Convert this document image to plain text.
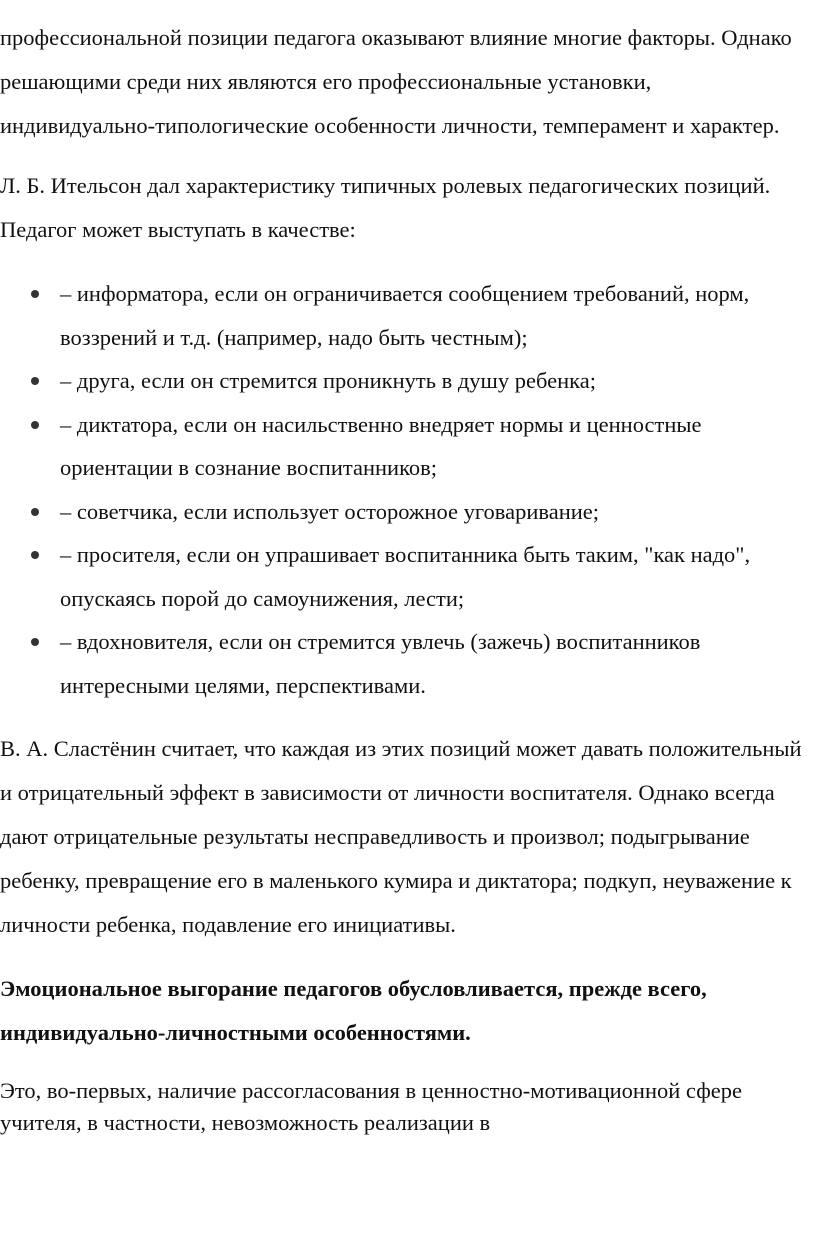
профессиональной позиции педагога оказывают влияние многие факторы. Однако решающими среди них являются его профессиональные установки, индивидуально-типологические особенности личности, темперамент и характер.

Л. Б. Ительсон дал характеристику типичных ролевых педагогических позиций. Педагог может выступать в качестве:

– информатора, если он ограничивается сообщением требований, норм, воззрений и т.д. (например, надо быть честным);
– друга, если он стремится проникнуть в душу ребенка;
– диктатора, если он насильственно внедряет нормы и ценностные ориентации в сознание воспитанников;
– советчика, если использует осторожное уговаривание;
– просителя, если он упрашивает воспитанника быть таким, "как надо", опускаясь порой до самоунижения, лести;
– вдохновителя, если он стремится увлечь (зажечь) воспитанников интересными целями, перспективами.

В. А. Сластёнин считает, что каждая из этих позиций может давать положительный и отрицательный эффект в зависимости от личности воспитателя. Однако всегда дают отрицательные результаты несправедливость и произвол; подыгрывание ребенку, превращение его в маленького кумира и диктатора; подкуп, неуважение к личности ребенка, подавление его инициативы.

Эмоциональное выгорание педагогов обусловливается, прежде всего, индивидуально-личностными особенностями.

Это, во-первых, наличие рассогласования в ценностно-мотивационной сфере учителя, в частности, невозможность реализации в
